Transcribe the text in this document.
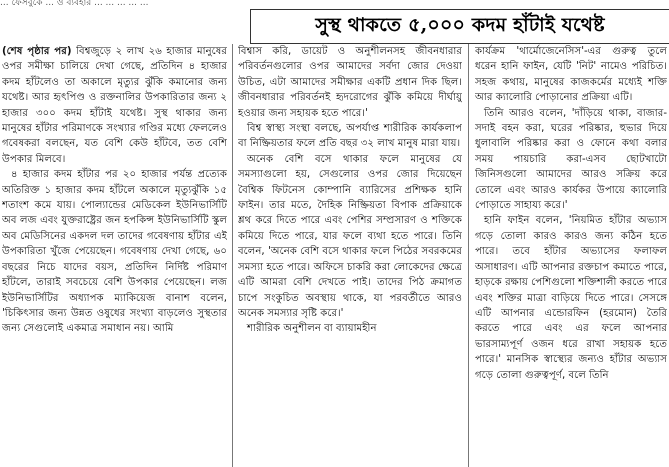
... ফেসবুকে ... ও ব্যবহার ... ... ... ... ...
সুস্থ থাকতে ৫,০০০ কদম হাঁটাই যথেষ্ট

(শেষ পৃষ্ঠার পর) বিশ্বজুড়ে ২ লাখ ২৬ হাজার মানুষের ওপর সমীক্ষা চালিয়ে দেখা গেছে, প্রতিদিন ৪ হাজার কদম হাঁটলেও তা অকালে মৃত্যুর ঝুঁকি কমানোর জন্য যথেষ্ট। আর হৃৎপিণ্ড ও রক্তনালির উপকারিতার জন্য ২ হাজার ৩০০ কদম হাঁটাই যথেষ্ট। সুস্থ থাকার জন্য মানুষের হাঁটার পরিমাণকে সংখ্যার গণ্ডির মধ্যে ফেললেও গবেষকরা বলছেন, যত বেশি কেউ হাঁটবে, তত বেশি উপকার মিলবে।

৪ হাজার কদম হাঁটার পর ২০ হাজার পর্যন্ত প্রত্যেক অতিরিক্ত ১ হাজার কদম হাঁটলে অকালে মৃত্যুঝুঁকি ১৫ শতাংশ কমে যায়। পোল্যান্ডের মেডিকেল ইউনিভার্সিটি অব লজ এবং যুক্তরাষ্ট্রের জন হপকিন্স ইউনিভার্সিটি স্কুল অব মেডিসিনের একদল দল তাদের গবেষণায় হাঁটার এই উপকারিতা খুঁজে পেয়েছেন। গবেষণায় দেখা গেছে, ৬০ বছরের নিচে যাদের বয়স, প্রতিদিন নির্দিষ্ট পরিমাণ হাঁটলে, তারাই সবচেয়ে বেশি উপকার পেয়েছেন। লজ ইউনিভার্সিটির অধ্যাপক ম্যাকিয়েজ বানাশ বলেন, 'চিকিৎসার জন্য উন্নত ওষুধের সংখ্যা বাড়লেও সুস্থতার জন্য সেগুলোই একমাত্র সমাধান নয়। আমি

বিশ্বাস করি, ডায়েট ও অনুশীলনসহ জীবনধারার পরিবর্তনগুলোর ওপর আমাদের সর্বদা জোর দেওয়া উচিত, এটা আমাদের সমীক্ষার একটি প্রধান দিক ছিল। জীবনধারার পরিবর্তনই হৃদরোগের ঝুঁকি কমিয়ে দীর্ঘায়ু হওয়ার জন্য সহায়ক হতে পারে।'

বিশ্ব স্বাস্থ্য সংস্থা বলছে, অপর্যাপ্ত শারীরিক কার্যকলাপ বা নিষ্ক্রিয়তার ফলে প্রতি বছর ৩২ লাখ মানুষ মারা যায়।

অনেক বেশি বসে থাকার ফলে মানুষের যে সমস্যাগুলো হয়, সেগুলোর ওপর জোর দিয়েছেন বৈশ্বিক ফিটনেস কোম্পানি ব্যারিসের প্রশিক্ষক হানি ফাইন। তার মতে, দৈহিক নিষ্ক্রিয়তা বিপাক প্রক্রিয়াকে শ্লথ করে দিতে পারে এবং পেশির সম্প্রসারণ ও শক্তিকে কমিয়ে দিতে পারে, যার ফলে ব্যথা হতে পারে। তিনি বলেন, 'অনেক বেশি বসে থাকার ফলে পিঠের সবরকমের সমস্যা হতে পারে। অফিসে চাকরি করা লোকেদের ক্ষেত্রে এটি আমরা বেশি দেখতে পাই। তাদের পিঠ ক্রমাগত চাপে সংকুচিত অবস্থায় থাকে, যা পরবর্তীতে আরও অনেক সমস্যার সৃষ্টি করে।'

শারীরিক অনুশীলন বা ব্যায়ামহীন

কার্যক্রম 'থার্মোজেনেসিস'-এর গুরুত্ব তুলে ধরেন হানি ফাইন, যেটি 'নিট' নামেও পরিচিত। সহজ কথায়, মানুষের কাজকর্মের মধ্যেই শক্তি আর ক্যালোরি পোড়ানোর প্রক্রিয়া এটি।

তিনি আরও বলেন, 'দাঁড়িয়ে থাকা, বাজার-সদাই বহন করা, ঘরের পরিষ্কার, হুভার দিয়ে ধুলাবালি পরিষ্কার করা ও ফোনে কথা বলার সময় পায়চারি করা-এসব ছোটখাটো জিনিসগুলো আমাদের আরও সক্রিয় করে তোলে এবং আরও কার্যকর উপায়ে ক্যালোরি পোড়াতে সাহায্য করে।'

হানি ফাইন বলেন, 'নিয়মিত হাঁটার অভ্যাস গড়ে তোলা কারও কারও জন্য কঠিন হতে পারে। তবে হাঁটার অভ্যাসের ফলাফল অসাধারণ। এটি আপনার রক্তচাপ কমাতে পারে, হাড়কে রক্ষায় পেশিগুলো শক্তিশালী করতে পারে এবং শক্তির মাত্রা বাড়িয়ে দিতে পারে। সেসঙ্গে এটি আপনার এন্ডোরফিন (হরমোন) তৈরি করতে পারে এবং এর ফলে আপনার ভারসাম্যপূর্ণ ওজন ধরে রাখা সহায়ক হতে পারে।' মানসিক স্বাস্থ্যের জন্যও হাঁটার অভ্যাস গড়ে তোলা গুরুত্বপূর্ণ, বলে তিনি
